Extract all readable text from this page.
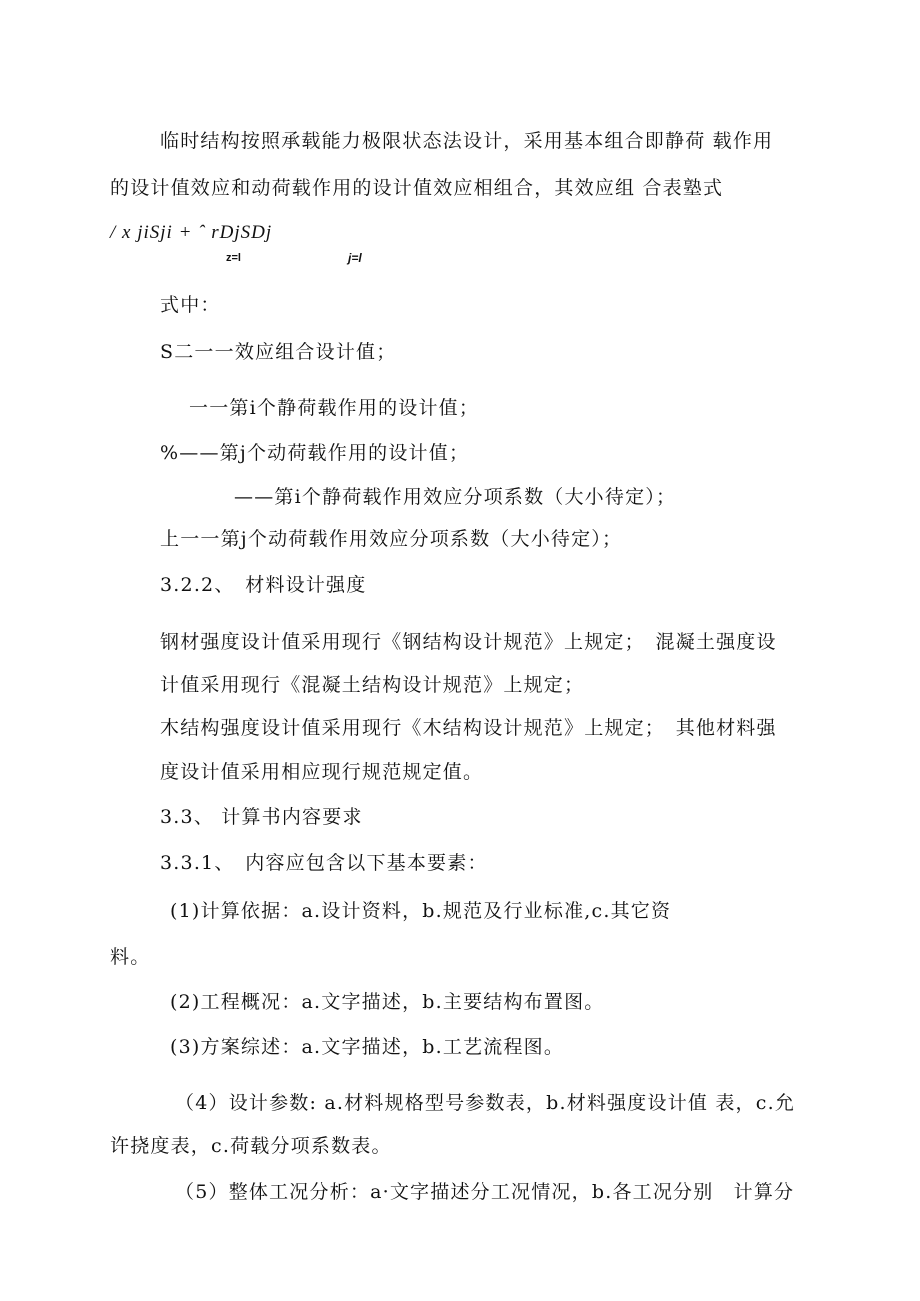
临时结构按照承载能力极限状态法设计，采用基本组合即静荷 载作用
的设计值效应和动荷载作用的设计值效应相组合，其效应组 合表塾式
/ x jiSji + ˆ rDjSDj
z=l	j=l
式中：
S二一一效应组合设计值；
一一第i个静荷载作用的设计值；
%——第j个动荷载作用的设计值；
——第i个静荷载作用效应分项系数（大小待定）；
上一一第j个动荷载作用效应分项系数（大小待定）；
3.2.2、　材料设计强度
钢材强度设计值采用现行《钢结构设计规范》上规定；　混凝土强度设
计值采用现行《混凝土结构设计规范》上规定；
木结构强度设计值采用现行《木结构设计规范》上规定；　其他材料强
度设计值采用相应现行规范规定值。
3.3、 计算书内容要求
3.3.1、　内容应包含以下基本要素：
(1)计算依据：a.设计资料，b.规范及行业标准,c.其它资
料。
(2)工程概况：a.文字描述，b.主要结构布置图。
(3)方案综述：a.文字描述，b.工艺流程图。
（4）设计参数: a.材料规格型号参数表，b.材料强度设计值 表，c.允
许挠度表，c.荷载分项系数表。
（5）整体工况分析：a·文字描述分工况情况，b.各工况分别　计算分
